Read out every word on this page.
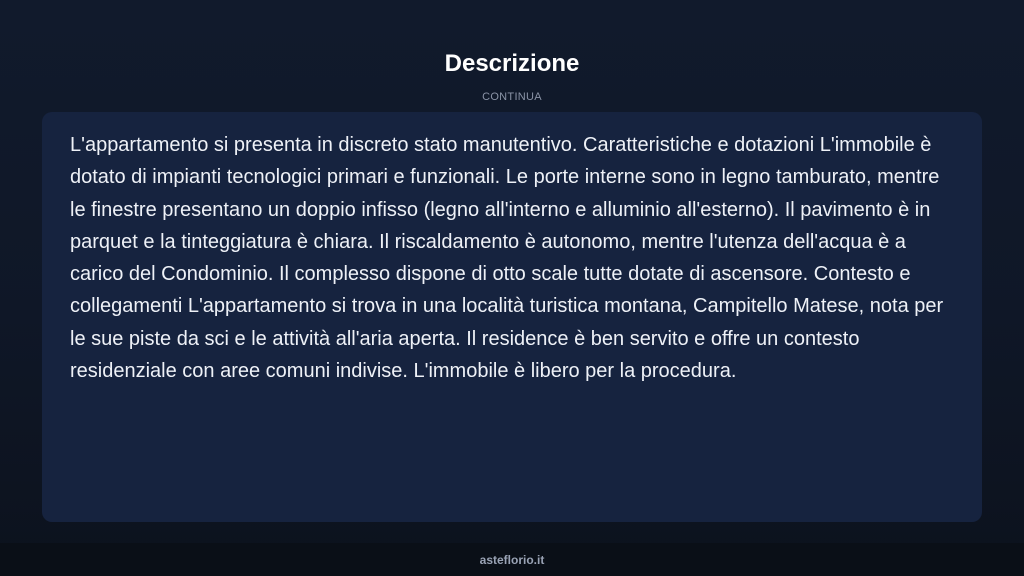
Descrizione
CONTINUA

L'appartamento si presenta in discreto stato manutentivo. Caratteristiche e dotazioni L'immobile è dotato di impianti tecnologici primari e funzionali. Le porte interne sono in legno tamburato, mentre le finestre presentano un doppio infisso (legno all'interno e alluminio all'esterno). Il pavimento è in parquet e la tinteggiatura è chiara. Il riscaldamento è autonomo, mentre l'utenza dell'acqua è a carico del Condominio. Il complesso dispone di otto scale tutte dotate di ascensore. Contesto e collegamenti L'appartamento si trova in una località turistica montana, Campitello Matese, nota per le sue piste da sci e le attività all'aria aperta. Il residence è ben servito e offre un contesto residenziale con aree comuni indivise. L'immobile è libero per la procedura.

asteflorio.it
